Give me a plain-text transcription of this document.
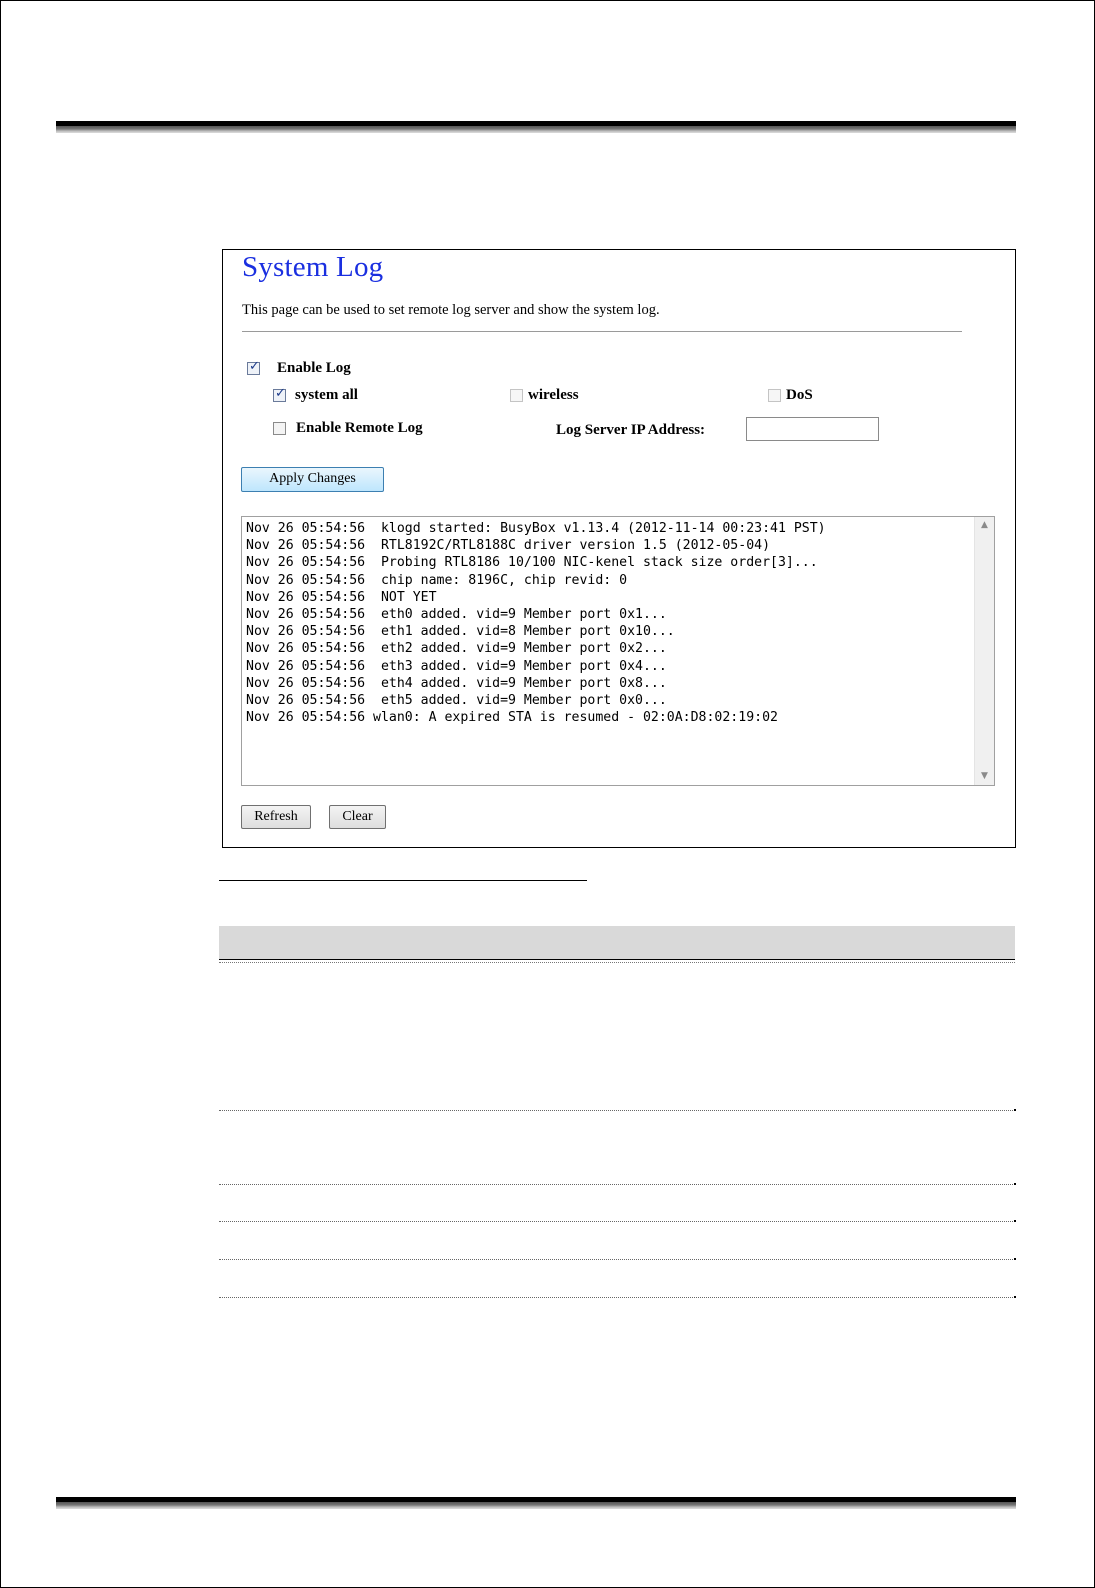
System Log
This page can be used to set remote log server and show the system log.
✓
Enable Log
✓
system all	wireless	DoS
Enable Remote Log	Log Server IP Address:
Apply Changes
Nov 26 05:54:56  klogd started: BusyBox v1.13.4 (2012-11-14 00:23:41 PST)
Nov 26 05:54:56  RTL8192C/RTL8188C driver version 1.5 (2012-05-04)
Nov 26 05:54:56  Probing RTL8186 10/100 NIC-kenel stack size order[3]...
Nov 26 05:54:56  chip name: 8196C, chip revid: 0
Nov 26 05:54:56  NOT YET
Nov 26 05:54:56  eth0 added. vid=9 Member port 0x1...
Nov 26 05:54:56  eth1 added. vid=8 Member port 0x10...
Nov 26 05:54:56  eth2 added. vid=9 Member port 0x2...
Nov 26 05:54:56  eth3 added. vid=9 Member port 0x4...
Nov 26 05:54:56  eth4 added. vid=9 Member port 0x8...
Nov 26 05:54:56  eth5 added. vid=9 Member port 0x0...
Nov 26 05:54:56 wlan0: A expired STA is resumed - 02:0A:D8:02:19:02
▲
▼
Refresh	Clear
